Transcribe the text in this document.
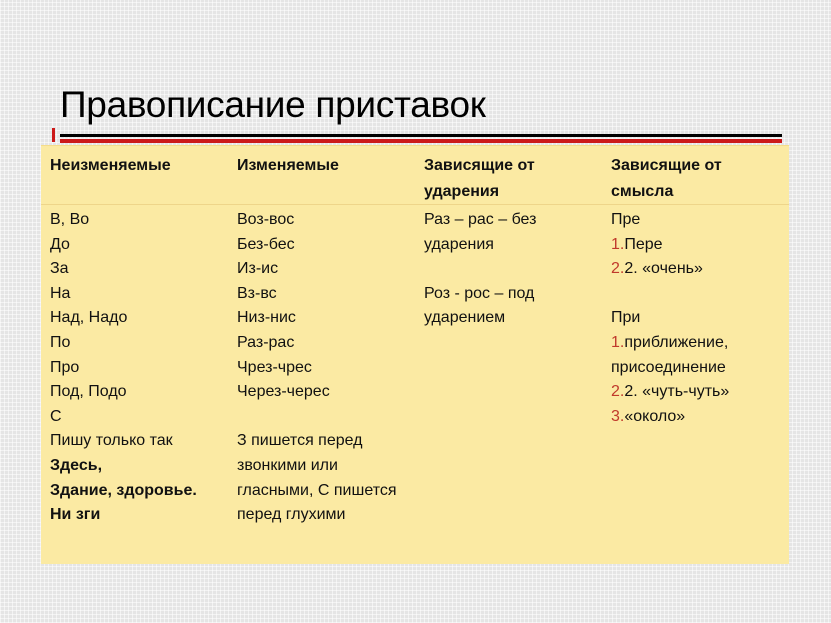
Правописание приставок
Неизменяемые	Изменяемые	Зависящие от
ударения
Зависящие от
смысла
В, Во
До
За
На
Над, Надо
По
Про
Под, Подо
С
Пишу только так
Здесь,
Здание, здоровье.
Ни зги
Воз-вос
Без-бес
Из-ис
Вз-вс
Низ-нис
Раз-рас
Чрез-чрес
Через-черес
З пишется перед
звонкими или
гласными, С пишется
перед глухими
Раз – рас – без
ударения
Роз - рос – под
ударением
Пре
1.Пере
2.2. «очень»
При
1.приближение,
присоединение
2.2. «чуть-чуть»
3.«около»
